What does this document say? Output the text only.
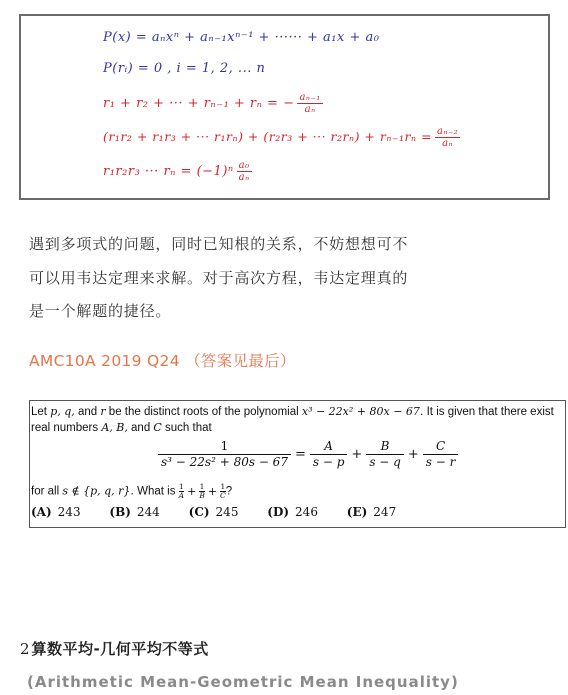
P(x) = aₙxⁿ + aₙ₋₁xⁿ⁻¹ + ······ + a₁x + a₀
P(rᵢ) = 0 , i = 1, 2, ... n
r₁ + r₂ + ··· + rₙ₋₁ + rₙ = − $\frac{\text{aₙ₋₁}}{\text{aₙ}}$
(r₁r₂ + r₁r₃ + ··· r₁rₙ) + (r₂r₃ + ··· $r_2r_n) + r_{n-1}r_n = \frac{\text{aₙ₋₂}}{\text{aₙ}}$
r₁r₂r₃ ··· $r_n = (-1)^n \frac{\text{a₀}}{\text{aₙ}}$
遇到多项式的问题，同时已知根的关系，不妨想想可不
可以用韦达定理来求解。对于高次方程，韦达定理真的
是一个解题的捷径。
AMC10A 2019 Q24 （答案见最后）
Let p, q, and r be the distinct roots of the polynomial x³ − 22x² + 80x − 67. It is given that there exist
real numbers A, B, and C such that
$\frac{1}{\text{s³ − 22s² + 80s − 67}} = \frac{A}{s - p} + \frac{B}{s - q} + \frac{C}{s - r}$
for all s ∉ {p, q, r}. What is $\frac{1}{A} + \frac{1}{B} + \frac{1}{C}$ ?
(A) 243 (B) 244 (C) 245 (D) 246 (E) 247
2 算数平均-几何平均不等式
(Arithmetic Mean-Geometric Mean Inequality)
